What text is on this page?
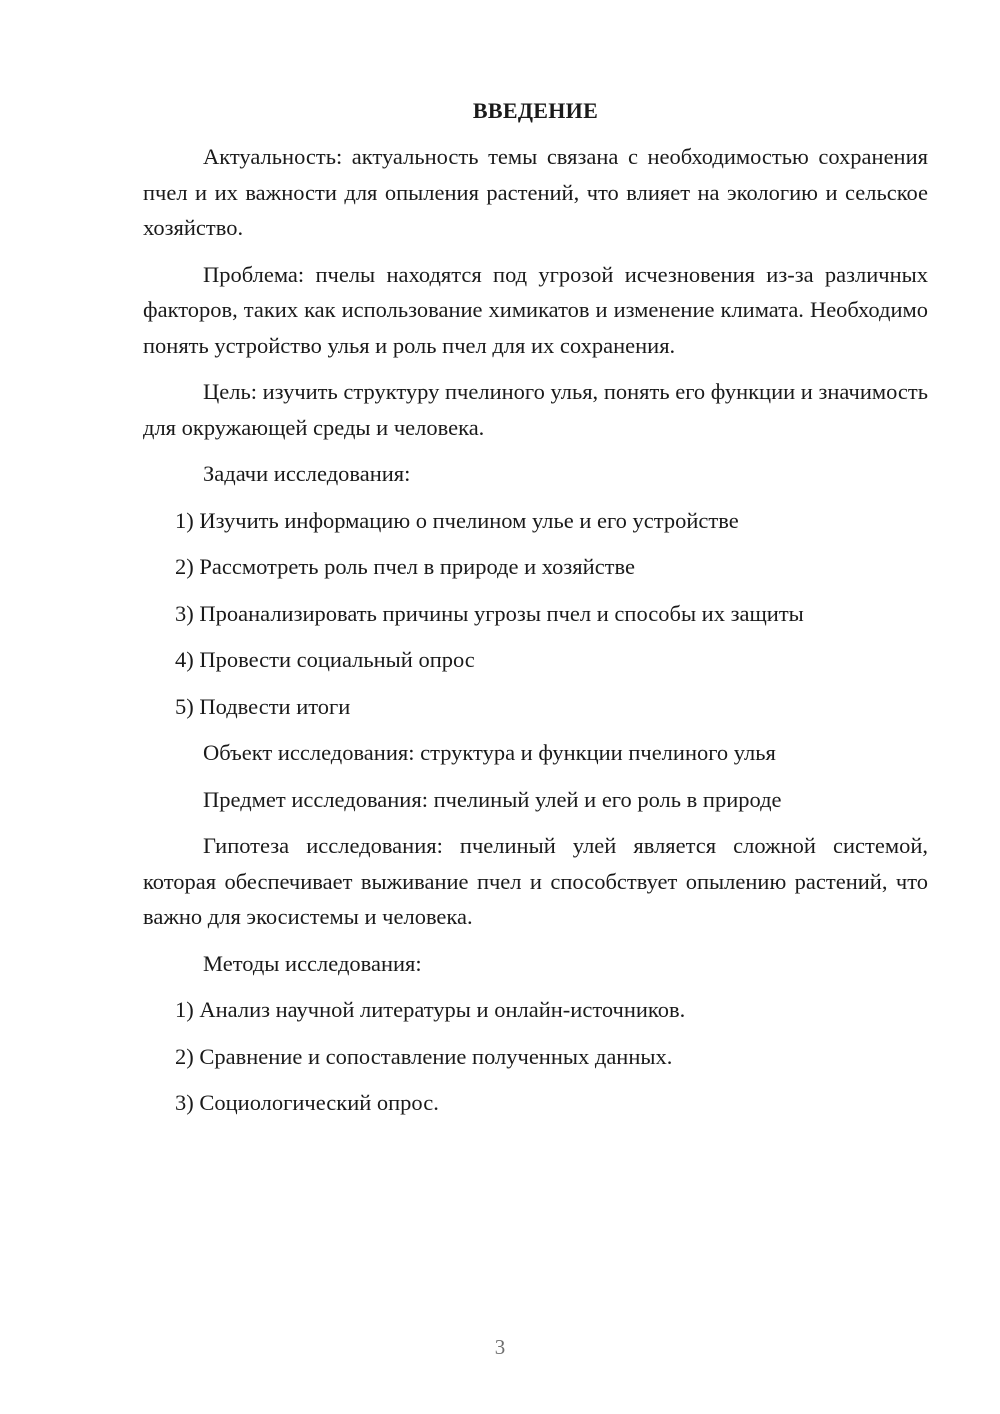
ВВЕДЕНИЕ

Актуальность: актуальность темы связана с необходимостью сохранения пчел и их важности для опыления растений, что влияет на экологию и сельское хозяйство.

Проблема: пчелы находятся под угрозой исчезновения из-за различных факторов, таких как использование химикатов и изменение климата. Необходимо понять устройство улья и роль пчел для их сохранения.

Цель: изучить структуру пчелиного улья, понять его функции и значимость для окружающей среды и человека.

Задачи исследования:

1) Изучить информацию о пчелином улье и его устройстве

2) Рассмотреть роль пчел в природе и хозяйстве

3) Проанализировать причины угрозы пчел и способы их защиты

4) Провести социальный опрос

5) Подвести итоги

Объект исследования: структура и функции пчелиного улья

Предмет исследования: пчелиный улей и его роль в природе

Гипотеза исследования: пчелиный улей является сложной системой, которая обеспечивает выживание пчел и способствует опылению растений, что важно для экосистемы и человека.

Методы исследования:

1) Анализ научной литературы и онлайн-источников.

2) Сравнение и сопоставление полученных данных.

3) Социологический опрос.

3
